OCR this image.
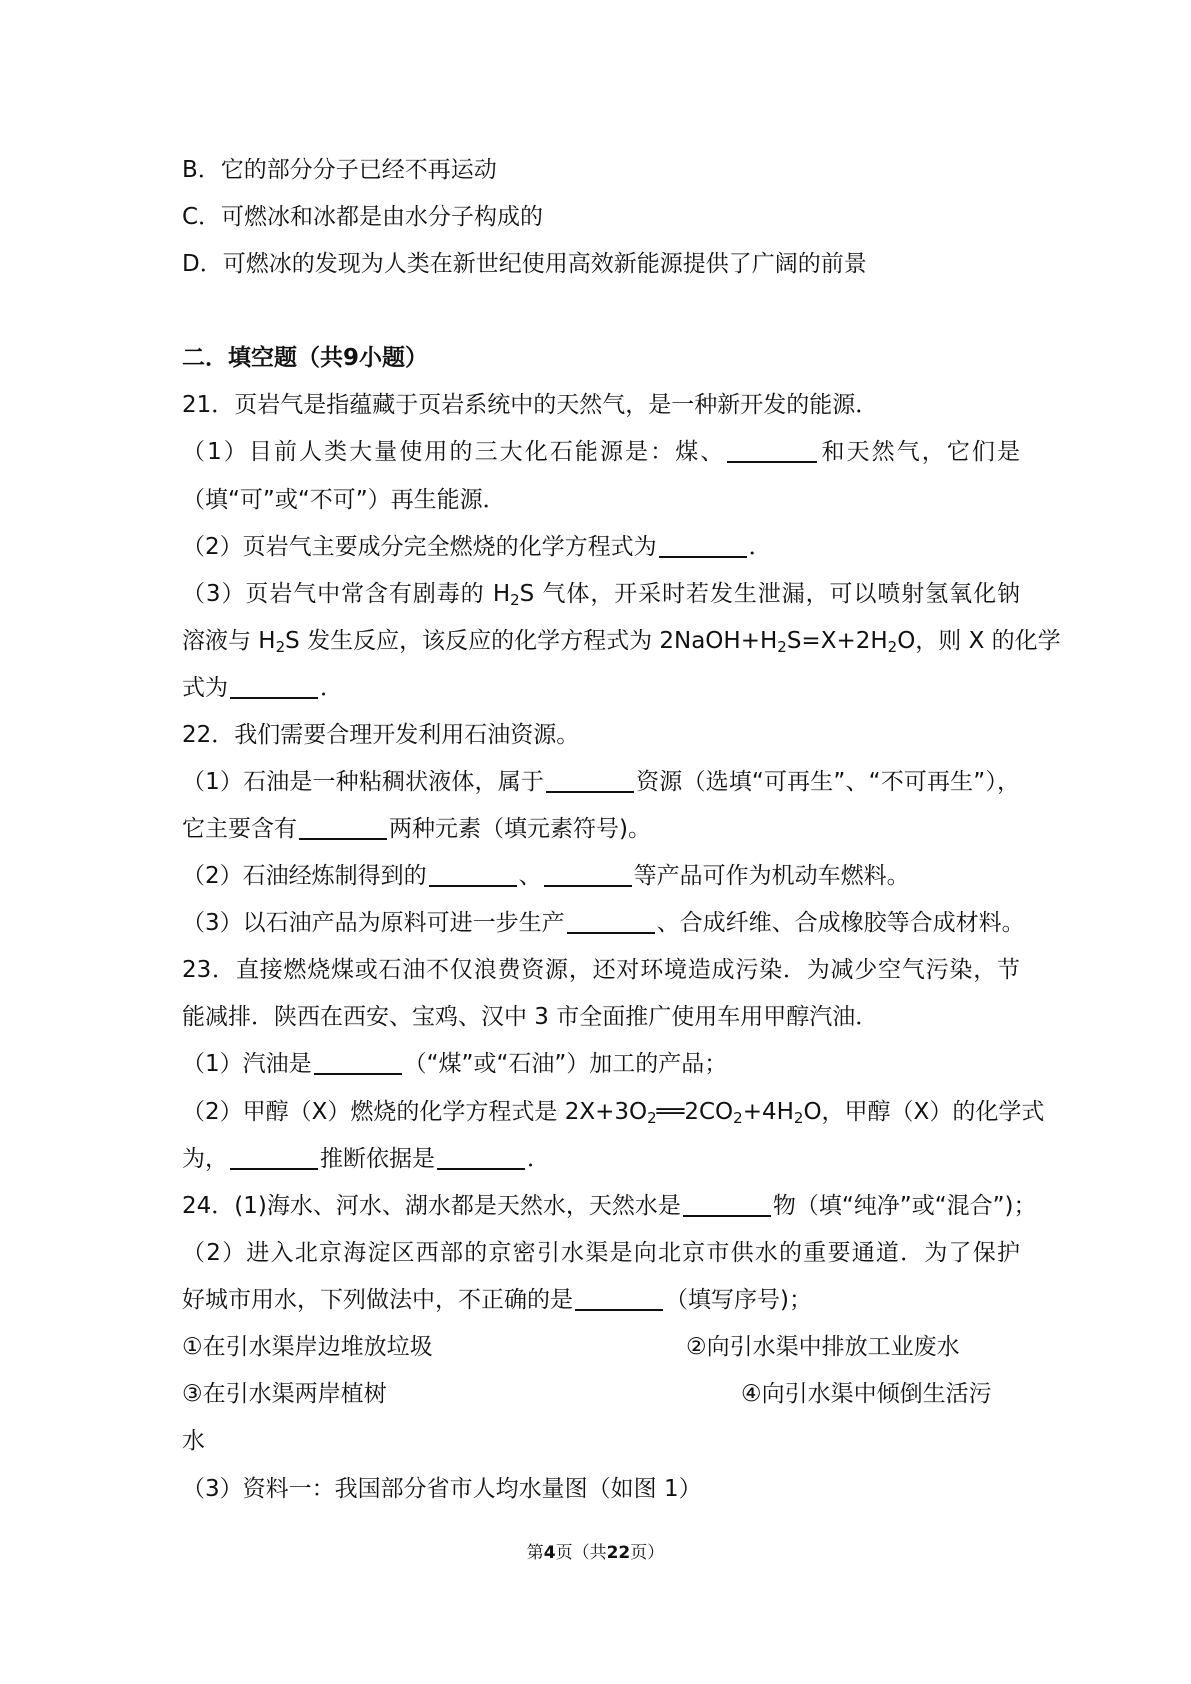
B．它的部分分子已经不再运动
C．可燃冰和冰都是由水分子构成的
D．可燃冰的发现为人类在新世纪使用高效新能源提供了广阔的前景
二．填空题（共9小题）
21．页岩气是指蕴藏于页岩系统中的天然气，是一种新开发的能源．
（1）目前人类大量使用的三大化石能源是：煤、	和天然气，它们是
（填“可”或“不可”）再生能源．
（2）页岩气主要成分完全燃烧的化学方程式为	．
（3）页岩气中常含有剧毒的 $H_2S$ 气体，开采时若发生泄漏，可以喷射氢氧化钠
溶液与 $H_2S$ 发生反应，该反应的化学方程式为 $2NaOH+H_2S=X+2H_2O$，则 X 的化学
式为	．
22．我们需要合理开发利用石油资源。
（1）石油是一种粘稠状液体，属于	资源（选填“可再生”、“不可再生”），
它主要含有	两种元素（填元素符号)。
（2）石油经炼制得到的	、	等产品可作为机动车燃料。
（3）以石油产品为原料可进一步生产	、合成纤维、合成橡胶等合成材料。
23．直接燃烧煤或石油不仅浪费资源，还对环境造成污染．为减少空气污染，节
能减排．陕西在西安、宝鸡、汉中 3 市全面推广使用车用甲醇汽油．
（1）汽油是	（“煤”或“石油”）加工的产品；
（2）甲醇（X）燃烧的化学方程式是 $2X+3O_2══2CO_2+4H_2O$，甲醇（X）的化学式
为，	推断依据是	．
24．(1)海水、河水、湖水都是天然水，天然水是	物（填“纯净”或“混合”)；
（2）进入北京海淀区西部的京密引水渠是向北京市供水的重要通道．为了保护
好城市用水，下列做法中，不正确的是	（填写序号)；
①在引水渠岸边堆放垃圾	②向引水渠中排放工业废水
③在引水渠两岸植树	④向引水渠中倾倒生活污
水
（3）资料一：我国部分省市人均水量图（如图 1）
第4页（共22页）
